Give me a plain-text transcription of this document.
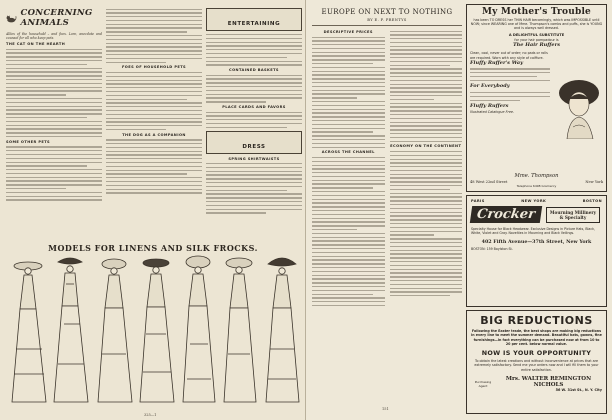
CONCERNING ANIMALS
Allies of the household – and foes. Lore, anecdote and counsel for all who keep pets.
THE CAT ON THE HEARTH
SOME OTHER PETS
FOES OF HOUSEHOLD PETS
THE DOG AS A COMPANION
ENTERTAINING
CONTAINED BASKETS
PLACE CARDS AND FAVORS
DRESS
SPRING SHIRTWAISTS
MODELS FOR LINENS AND SILK FROCKS.
325—1
EUROPE ON NEXT TO NOTHING
BY E. P. PRENTYS
DESCRIPTIVE PRICES
ACROSS THE CHANNEL
ECONOMY ON THE CONTINENT
151
My Mother's Trouble
has been TO DRESS her THIN HAIR becomingly, which was IMPOSSIBLE until NOW; since WEARING one of Mme. Thompson's combs and puffs, she is YOUNG and is always well dressed.
A DELIGHTFUL SUBSTITUTE
for your hair pompadour is
The Hair Ruffers
Clean, cool, never out of order; no pads or rolls are required. Worn with any style of coiffure.
Fluffy Ruffer's Way
For Everybody
Fluffy Ruffers
Illustrated Catalogue Free.
Mme. Thompson
48 West 22nd Street	New York
Telephone 6498 Gramercy
PARIS	NEW YORK	BOSTON
Crocker	Mourning Millinery
& Specialty
Specialty House for Black Headwear. Exclusive Designs in Picture Hats, Black, White, Violet and Gray. Novelties in Mourning and Black Veilings.
402 Fifth Avenue—37th Street, New York
BOSTON: 159 Boylston St.
BIG REDUCTIONS
Following the Easter trade, the best shops are making big reductions in every line to meet the summer demand. Beautiful hats, gowns, fine furnishings—in fact everything can be purchased now at from 10 to 20 per cent. below normal value.
NOW IS YOUR OPPORTUNITY
To obtain the latest creations and without inconvenience at prices that are extremely satisfactory. Send me your orders now and I will fill them to your entire satisfaction.
Purchasing Agent
Mrs. WALTER REMINGTON NICHOLS
56 W. 31st St., N. Y. City
